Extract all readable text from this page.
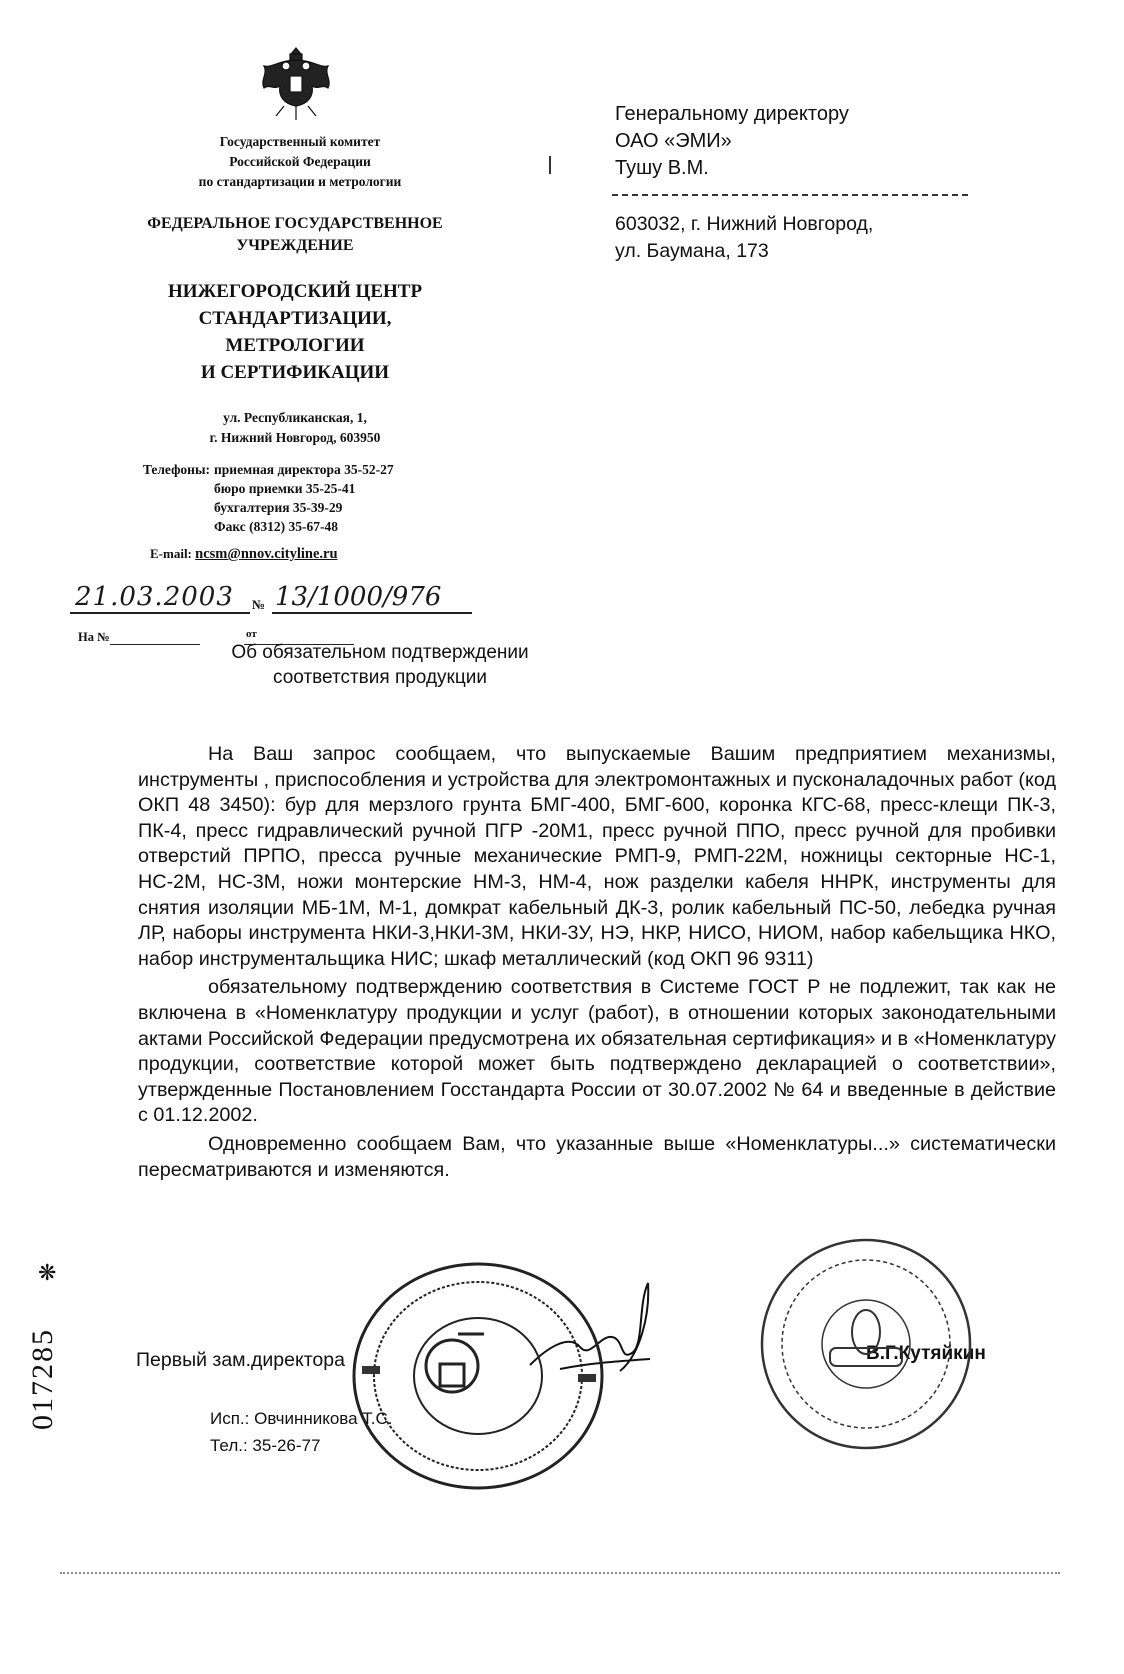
Государственный комитет
Российской Федерации
по стандартизации и метрологии
ФЕДЕРАЛЬНОЕ ГОСУДАРСТВЕННОЕ
УЧРЕЖДЕНИЕ
НИЖЕГОРОДСКИЙ ЦЕНТР
СТАНДАРТИЗАЦИИ,
МЕТРОЛОГИИ
И СЕРТИФИКАЦИИ
ул. Республиканская, 1,
г. Нижний Новгород, 603950
Телефоны: приемная директора 35-52-27
бюро приемки 35-25-41
бухгалтерия 35-39-29
Факс (8312) 35-67-48
E-mail: ncsm@nnov.cityline.ru
Генеральному директору
ОАО «ЭМИ»
Тушу В.М.
603032, г. Нижний Новгород,
ул. Баумана, 173
21.03.2003	№ 13/1000/976
На №	от
Об обязательном подтверждении
соответствия продукции

На Ваш запрос сообщаем, что выпускаемые Вашим предприятием механизмы, инструменты , приспособления и устройства для электромонтажных и пусконаладочных работ (код ОКП 48 3450): бур для мерзлого грунта БМГ-400, БМГ-600, коронка КГС-68, пресс-клещи ПК-3, ПК-4, пресс гидравлический ручной ПГР -20М1, пресс ручной ППО, пресс ручной для пробивки отверстий ПРПО, пресса ручные механические РМП-9, РМП-22М, ножницы секторные НС-1, НС-2М, НС-3М, ножи монтерские НМ-3, НМ-4, нож разделки кабеля ННРК, инструменты для снятия изоляции МБ-1М, М-1, домкрат кабельный ДК-3, ролик кабельный ПС-50, лебедка ручная ЛР, наборы инструмента НКИ-3,НКИ-3М, НКИ-3У, НЭ, НКР, НИСО, НИОМ, набор кабельщика НКО, набор инструментальщика НИС; шкаф металлический (код ОКП 96 9311)

обязательному подтверждению соответствия в Системе ГОСТ Р не подлежит, так как не включена в «Номенклатуру продукции и услуг (работ), в отношении которых законодательными актами Российской Федерации предусмотрена их обязательная сертификация» и в «Номенклатуру продукции, соответствие которой может быть подтверждено декларацией о соответствии», утвержденные Постановлением Госстандарта России от 30.07.2002 № 64 и введенные в действие с 01.12.2002.

Одновременно сообщаем Вам, что указанные выше «Номенклатуры...» систематически пересматриваются и изменяются.

Первый зам.директора	В.Г.Кутяйкин
Исп.: Овчинникова Т.С.
Тел.: 35-26-77
❋
017285
